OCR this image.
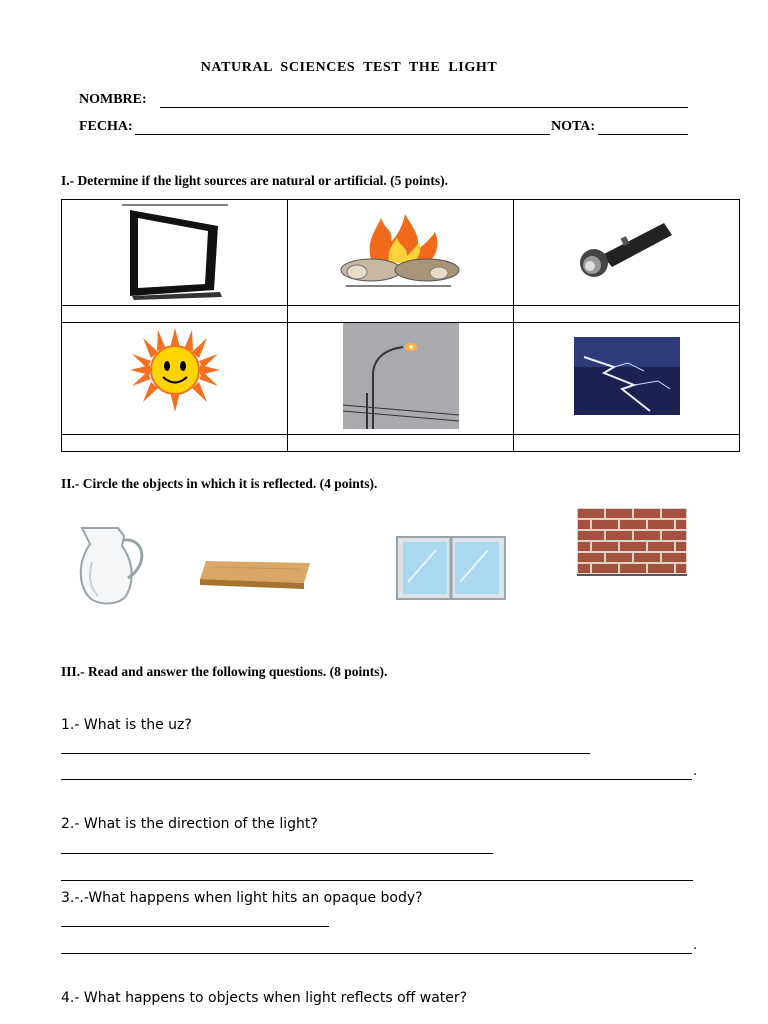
NATURAL SCIENCES TEST THE LIGHT
NOMBRE:
FECHA:	NOTA:
I.- Determine if the light sources are natural or artificial. (5 points).

II.- Circle the objects in which it is reflected. (4 points).
III.- Read and answer the following questions. (8 points).
1.- What is the uz?
.
2.- What is the direction of the light?
3.-.-What happens when light hits an opaque body?
.
4.- What happens to objects when light reflects off water?
